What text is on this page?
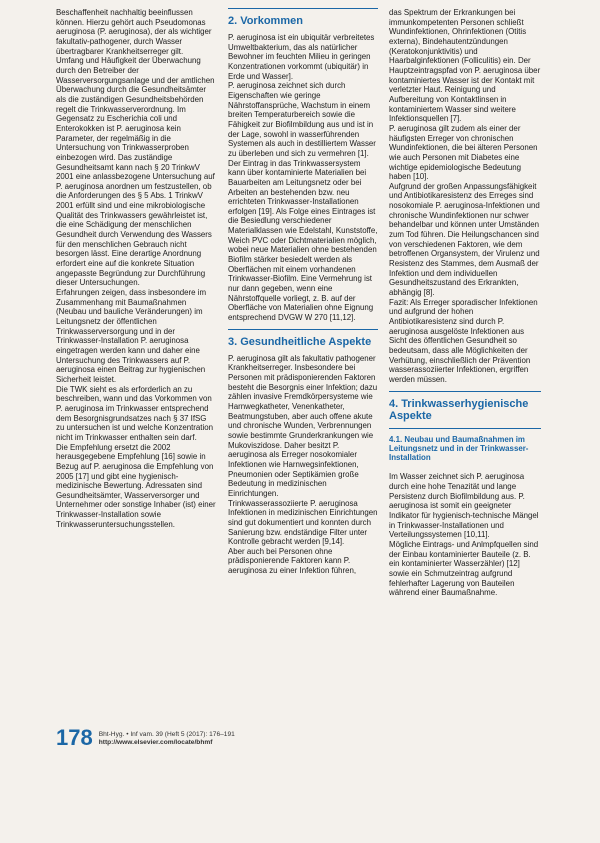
Beschaffenheit nachhaltig beeinflussen können. Hierzu gehört auch Pseudomonas aeruginosa (P. aeruginosa), der als wichtiger fakultativ-pathogener, durch Wasser übertragbarer Krankheitserreger gilt.

Umfang und Häufigkeit der Überwachung durch den Betreiber der Wasserversorgungsanlage und der amtlichen Überwachung durch die Gesundheitsämter als die zuständigen Gesundheitsbehörden regelt die Trinkwasserverordnung. Im Gegensatz zu Escherichia coli und Enterokokken ist P. aeruginosa kein Parameter, der regelmäßig in die Untersuchung von Trinkwasserproben einbezogen wird. Das zuständige Gesundheitsamt kann nach § 20 TrinkwV 2001 eine anlassbezogene Untersuchung auf P. aeruginosa anordnen um festzustellen, ob die Anforderungen des § 5 Abs. 1 TrinkwV 2001 erfüllt sind und eine mikrobiologische Qualität des Trinkwassers gewährleistet ist, die eine Schädigung der menschlichen Gesundheit durch Verwendung des Wassers für den menschlichen Gebrauch nicht besorgen lässt. Eine derartige Anordnung erfordert eine auf die konkrete Situation angepasste Begründung zur Durchführung dieser Untersuchungen.

Erfahrungen zeigen, dass insbesondere im Zusammenhang mit Baumaßnahmen (Neubau und bauliche Veränderungen) im Leitungsnetz der öffentlichen Trinkwasserversorgung und in der Trinkwasser-Installation P. aeruginosa eingetragen werden kann und daher eine Untersuchung des Trinkwassers auf P. aeruginosa einen Beitrag zur hygienischen Sicherheit leistet.

Die TWK sieht es als erforderlich an zu beschreiben, wann und das Vorkommen von P. aeruginosa im Trinkwasser entsprechend dem Besorgnisgrundsatzes nach § 37 IfSG zu untersuchen ist und welche Konzentration nicht im Trinkwasser enthalten sein darf.

Die Empfehlung ersetzt die 2002 herausgegebene Empfehlung [16] sowie in Bezug auf P. aeruginosa die Empfehlung von 2005 [17] und gibt eine hygienisch-medizinische Bewertung. Adressaten sind Gesundheitsämter, Wasserversorger und Unternehmer oder sonstige Inhaber (ist) einer Trinkwasser-Installation sowie Trinkwasseruntersuchungsstellen.

2. Vorkommen

P. aeruginosa ist ein ubiquitär verbreitetes Umweltbakterium, das als natürlicher Bewohner im feuchten Milieu in geringen Konzentrationen vorkommt (ubiquitär) in Erde und Wasser].

P. aeruginosa zeichnet sich durch Eigenschaften wie geringe Nährstoffansprüche, Wachstum in einem breiten Temperaturbereich sowie die Fähigkeit zur Biofilmbildung aus und ist in der Lage, sowohl in wasserführenden Systemen als auch in destilliertem Wasser zu überleben und sich zu vermehren [1]. Der Eintrag in das Trinkwassersystem kann über kontaminierte Materialien bei Bauarbeiten am Leitungsnetz oder bei Arbeiten an bestehenden bzw. neu errichteten Trinkwasser-Installationen erfolgen [19]. Als Folge eines Eintrages ist die Besiedlung verschiedener Materialklassen wie Edelstahl, Kunststoffe, Weich PVC oder Dichtmaterialien möglich, wobei neue Materialien ohne bestehenden Biofilm stärker besiedelt werden als Oberflächen mit einem vorhandenen Trinkwasser-Biofilm. Eine Vermehrung ist nur dann gegeben, wenn eine Nährstoffquelle vorliegt, z. B. auf der Oberfläche von Materialien ohne Eignung entsprechend DVGW W 270 [11,12].

3. Gesundheitliche Aspekte

P. aeruginosa gilt als fakultativ pathogener Krankheitserreger. Insbesondere bei Personen mit prädisponierenden Faktoren besteht die Besorgnis einer Infektion; dazu zählen invasive Fremdkörpersysteme wie Harnwegkatheter, Venenkatheter, Beatmungstuben, aber auch offene akute und chronische Wunden, Verbrennungen sowie bestimmte Grunderkrankungen wie Mukoviszidose. Daher besitzt P. aeruginosa als Erreger nosokomialer Infektionen wie Harnwegsinfektionen, Pneumonien oder Septikämien große Bedeutung in medizinischen Einrichtungen.

Trinkwasserassoziierte P. aeruginosa Infektionen in medizinischen Einrichtungen sind gut dokumentiert und konnten durch Sanierung bzw. endständige Filter unter Kontrolle gebracht werden [9,14].

Aber auch bei Personen ohne prädisponierende Faktoren kann P. aeruginosa zu einer Infektion führen,

das Spektrum der Erkrankungen bei immunkompetenten Personen schließt Wundinfektionen, Ohrinfektionen (Otitis externa), Bindehautentzündungen (Keratokonjunktivitis) und Haarbalginfektionen (Folliculitis) ein. Der Hauptzeintragspfad von P. aeruginosa über kontaminiertes Wasser ist der Kontakt mit verletzter Haut. Reinigung und Aufbereitung von Kontaktlinsen in kontaminiertem Wasser sind weitere Infektionsquellen [7].

P. aeruginosa gilt zudem als einer der häufigsten Erreger von chronischen Wundinfektionen, die bei älteren Personen wie auch Personen mit Diabetes eine wichtige epidemiologische Bedeutung haben [10].

Aufgrund der großen Anpassungsfähigkeit und Antibiotikaresistenz des Erreges sind nosokomiale P. aeruginosa-Infektionen und chronische Wundinfektionen nur schwer behandelbar und können unter Umständen zum Tod führen. Die Heilungschancen sind von verschiedenen Faktoren, wie dem betroffenen Organsystem, der Virulenz und Resistenz des Stammes, dem Ausmaß der Infektion und dem individuellen Gesundheitszustand des Erkrankten, abhängig [8].

Fazit: Als Erreger sporadischer Infektionen und aufgrund der hohen Antibiotikaresistenz sind durch P. aeruginosa ausgelöste Infektionen aus Sicht des öffentlichen Gesundheit so bedeutsam, dass alle Möglichkeiten der Verhütung, einschließlich der Prävention wasserassoziierter Infektionen, ergriffen werden müssen.

4. Trinkwasserhygienische Aspekte
4.1. Neubau und Baumaßnahmen im Leitungsnetz und in der Trinkwasser-Installation

Im Wasser zeichnet sich P. aeruginosa durch eine hohe Tenazität und lange Persistenz durch Biofilmbildung aus. P. aeruginosa ist somit ein geeigneter Indikator für hygienisch-technische Mängel in Trinkwasser-Installationen und Verteilungssystemen [10,11].

Mögliche Eintrags- und Anlmpfquellen sind der Einbau kontaminierter Bauteile (z. B. ein kontaminierter Wasserzähler) [12] sowie ein Schmutzeintrag aufgrund fehlerhafter Lagerung von Bauteilen während einer Baumaßnahme.

178 Bht-Hyg. • Inf vam. 39 (Heft 5 (2017): 176–191
http://www.elsevier.com/locate/bhmf
